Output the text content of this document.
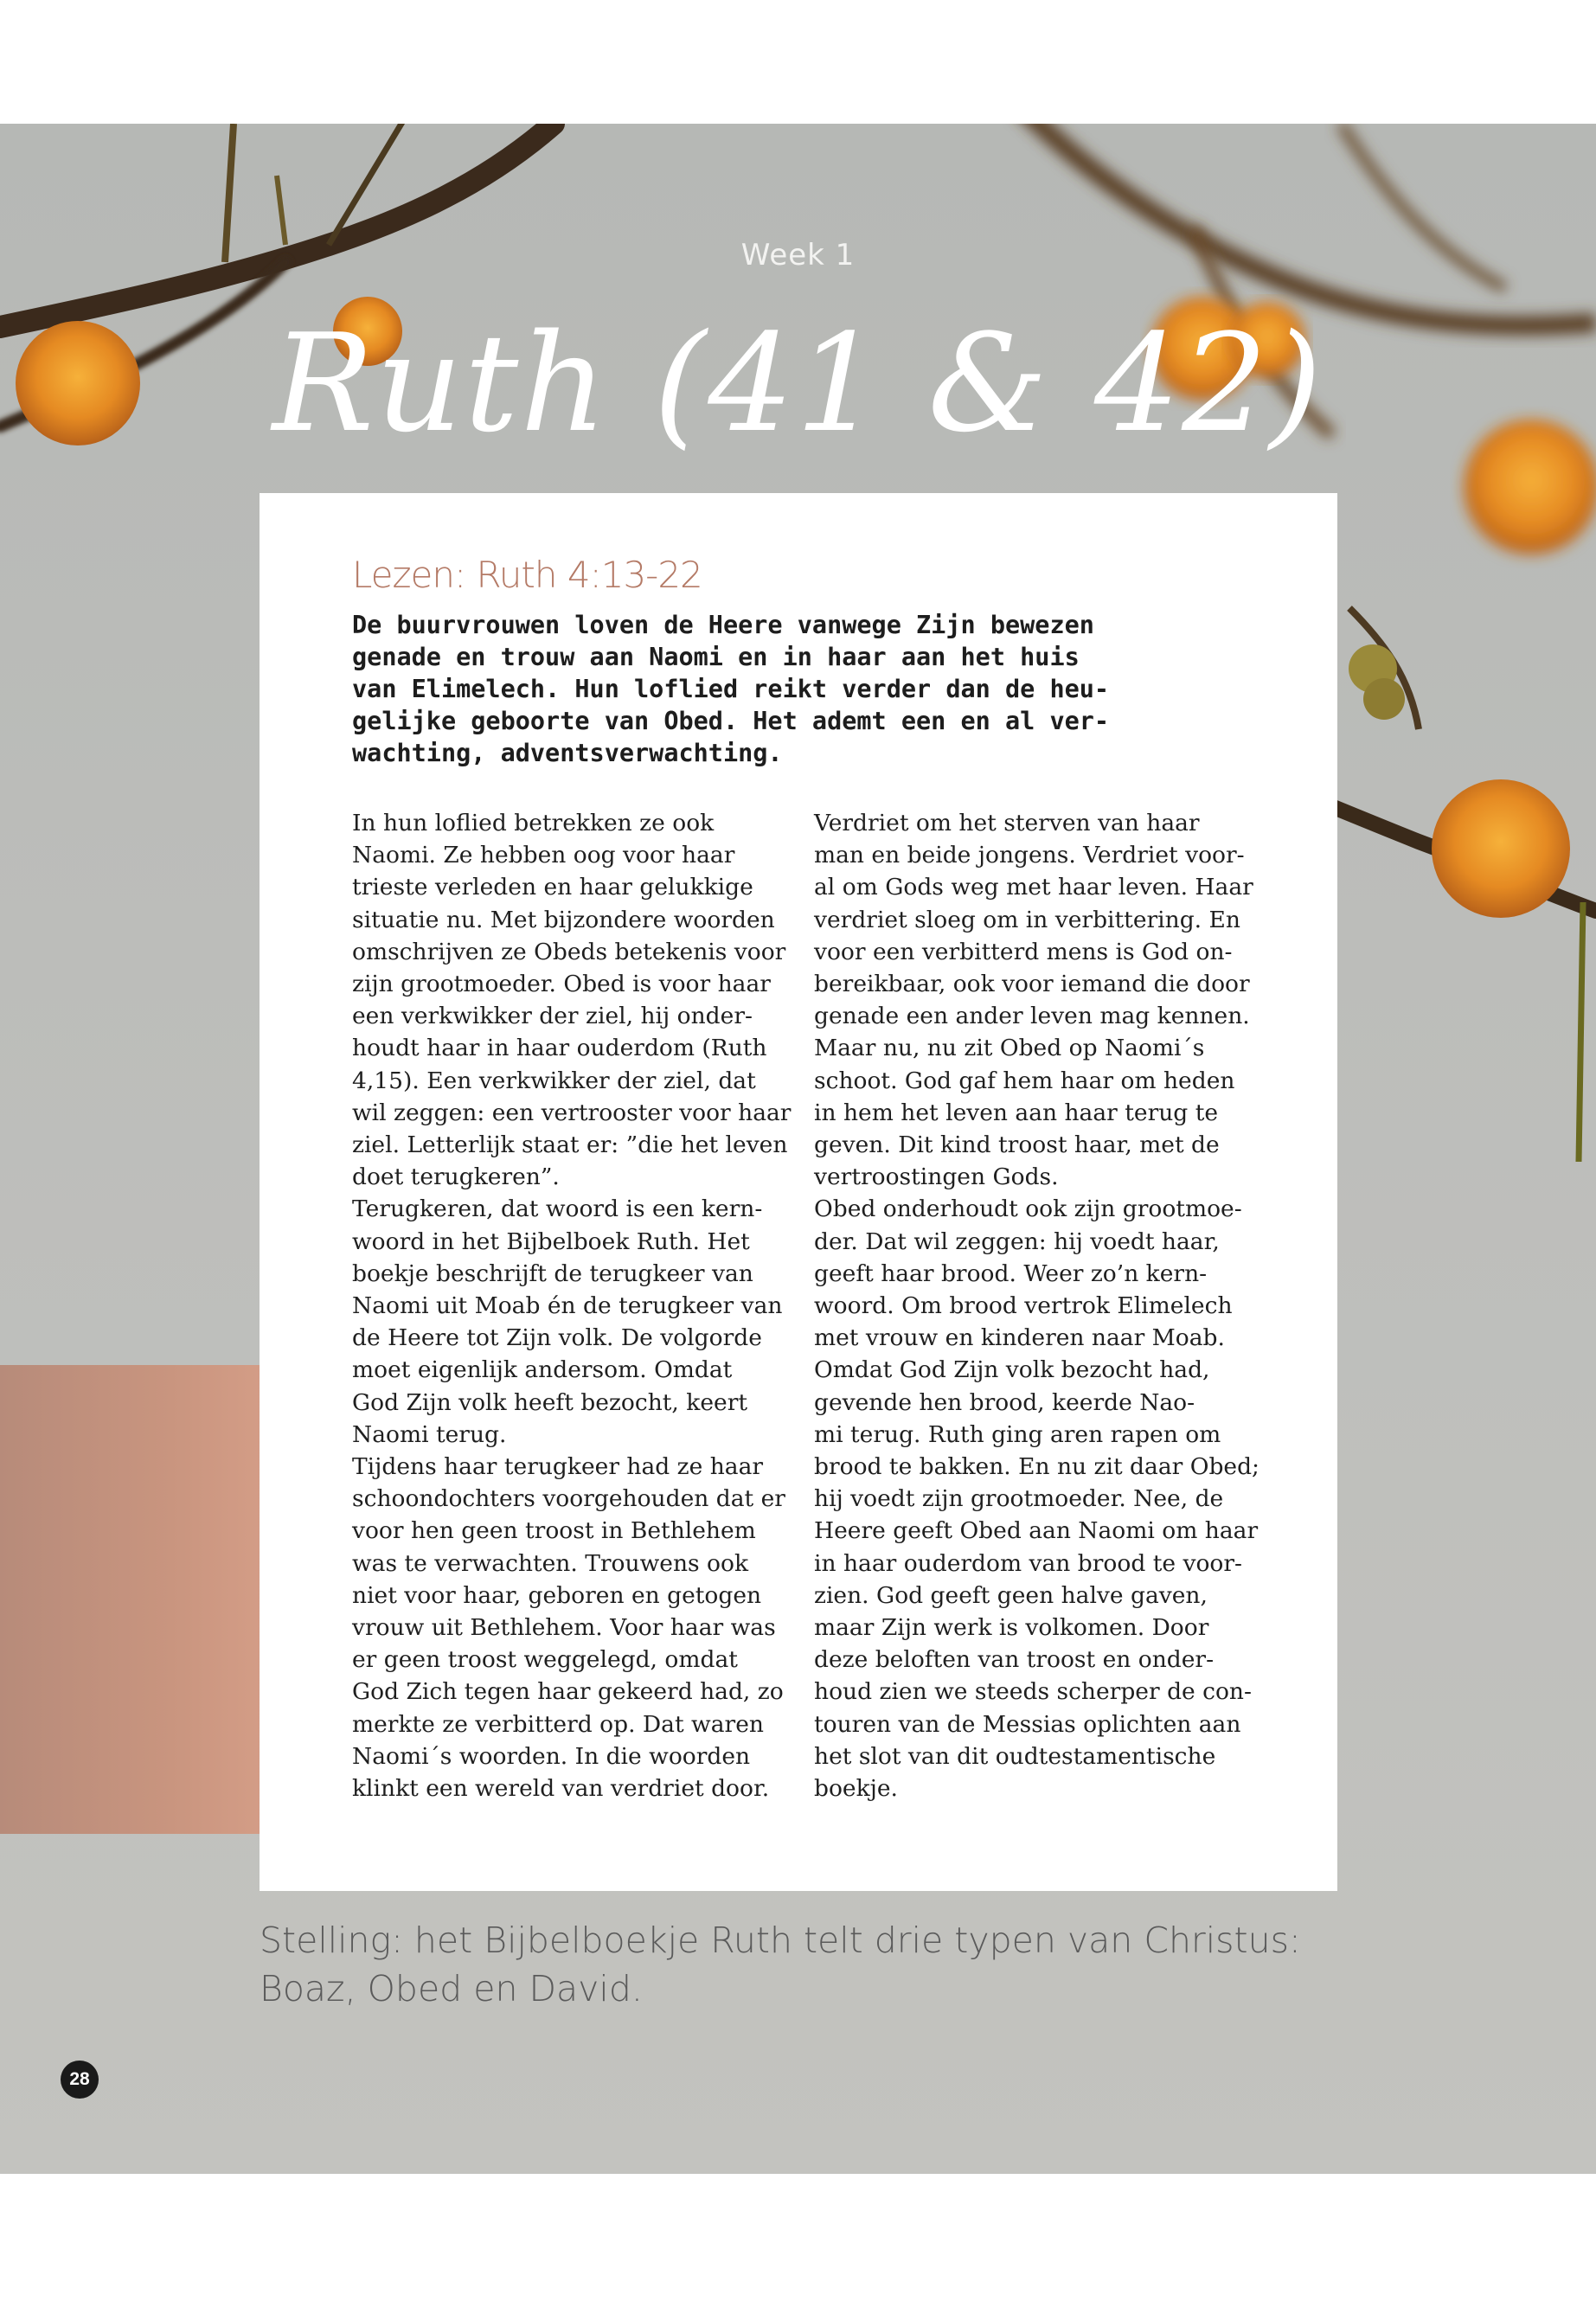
Week 1
Ruth (41 & 42)
Lezen: Ruth 4:13-22
De buurvrouwen loven de Heere vanwege Zijn bewezen
genade en trouw aan Naomi en in haar aan het huis
van Elimelech. Hun loflied reikt verder dan de heu-
gelijke geboorte van Obed. Het ademt een en al ver-
wachting, adventsverwachting.
In hun loflied betrekken ze ook
Naomi. Ze hebben oog voor haar
trieste verleden en haar gelukkige
situatie nu. Met bijzondere woorden
omschrijven ze Obeds betekenis voor
zijn grootmoeder. Obed is voor haar
een verkwikker der ziel, hij onder-
houdt haar in haar ouderdom (Ruth
4,15). Een verkwikker der ziel, dat
wil zeggen: een vertrooster voor haar
ziel. Letterlijk staat er: ”die het leven
doet terugkeren”.
Terugkeren, dat woord is een kern-
woord in het Bijbelboek Ruth. Het
boekje beschrijft de terugkeer van
Naomi uit Moab én de terugkeer van
de Heere tot Zijn volk. De volgorde
moet eigenlijk andersom. Omdat
God Zijn volk heeft bezocht, keert
Naomi terug.
Tijdens haar terugkeer had ze haar
schoondochters voorgehouden dat er
voor hen geen troost in Bethlehem
was te verwachten. Trouwens ook
niet voor haar, geboren en getogen
vrouw uit Bethlehem. Voor haar was
er geen troost weggelegd, omdat
God Zich tegen haar gekeerd had, zo
merkte ze verbitterd op. Dat waren
Naomi´s woorden. In die woorden
klinkt een wereld van verdriet door.
Verdriet om het sterven van haar
man en beide jongens. Verdriet voor-
al om Gods weg met haar leven. Haar
verdriet sloeg om in verbittering. En
voor een verbitterd mens is God on-
bereikbaar, ook voor iemand die door
genade een ander leven mag kennen.
Maar nu, nu zit Obed op Naomi´s
schoot. God gaf hem haar om heden
in hem het leven aan haar terug te
geven. Dit kind troost haar, met de
vertroostingen Gods.
Obed onderhoudt ook zijn grootmoe-
der. Dat wil zeggen: hij voedt haar,
geeft haar brood. Weer zo’n kern-
woord. Om brood vertrok Elimelech
met vrouw en kinderen naar Moab.
Omdat God Zijn volk bezocht had,
gevende hen brood, keerde Nao-
mi terug. Ruth ging aren rapen om
brood te bakken. En nu zit daar Obed;
hij voedt zijn grootmoeder. Nee, de
Heere geeft Obed aan Naomi om haar
in haar ouderdom van brood te voor-
zien. God geeft geen halve gaven,
maar Zijn werk is volkomen. Door
deze beloften van troost en onder-
houd zien we steeds scherper de con-
touren van de Messias oplichten aan
het slot van dit oudtestamentische
boekje.
Stelling: het Bijbelboekje Ruth telt drie typen van Christus:
Boaz, Obed en David.
28
